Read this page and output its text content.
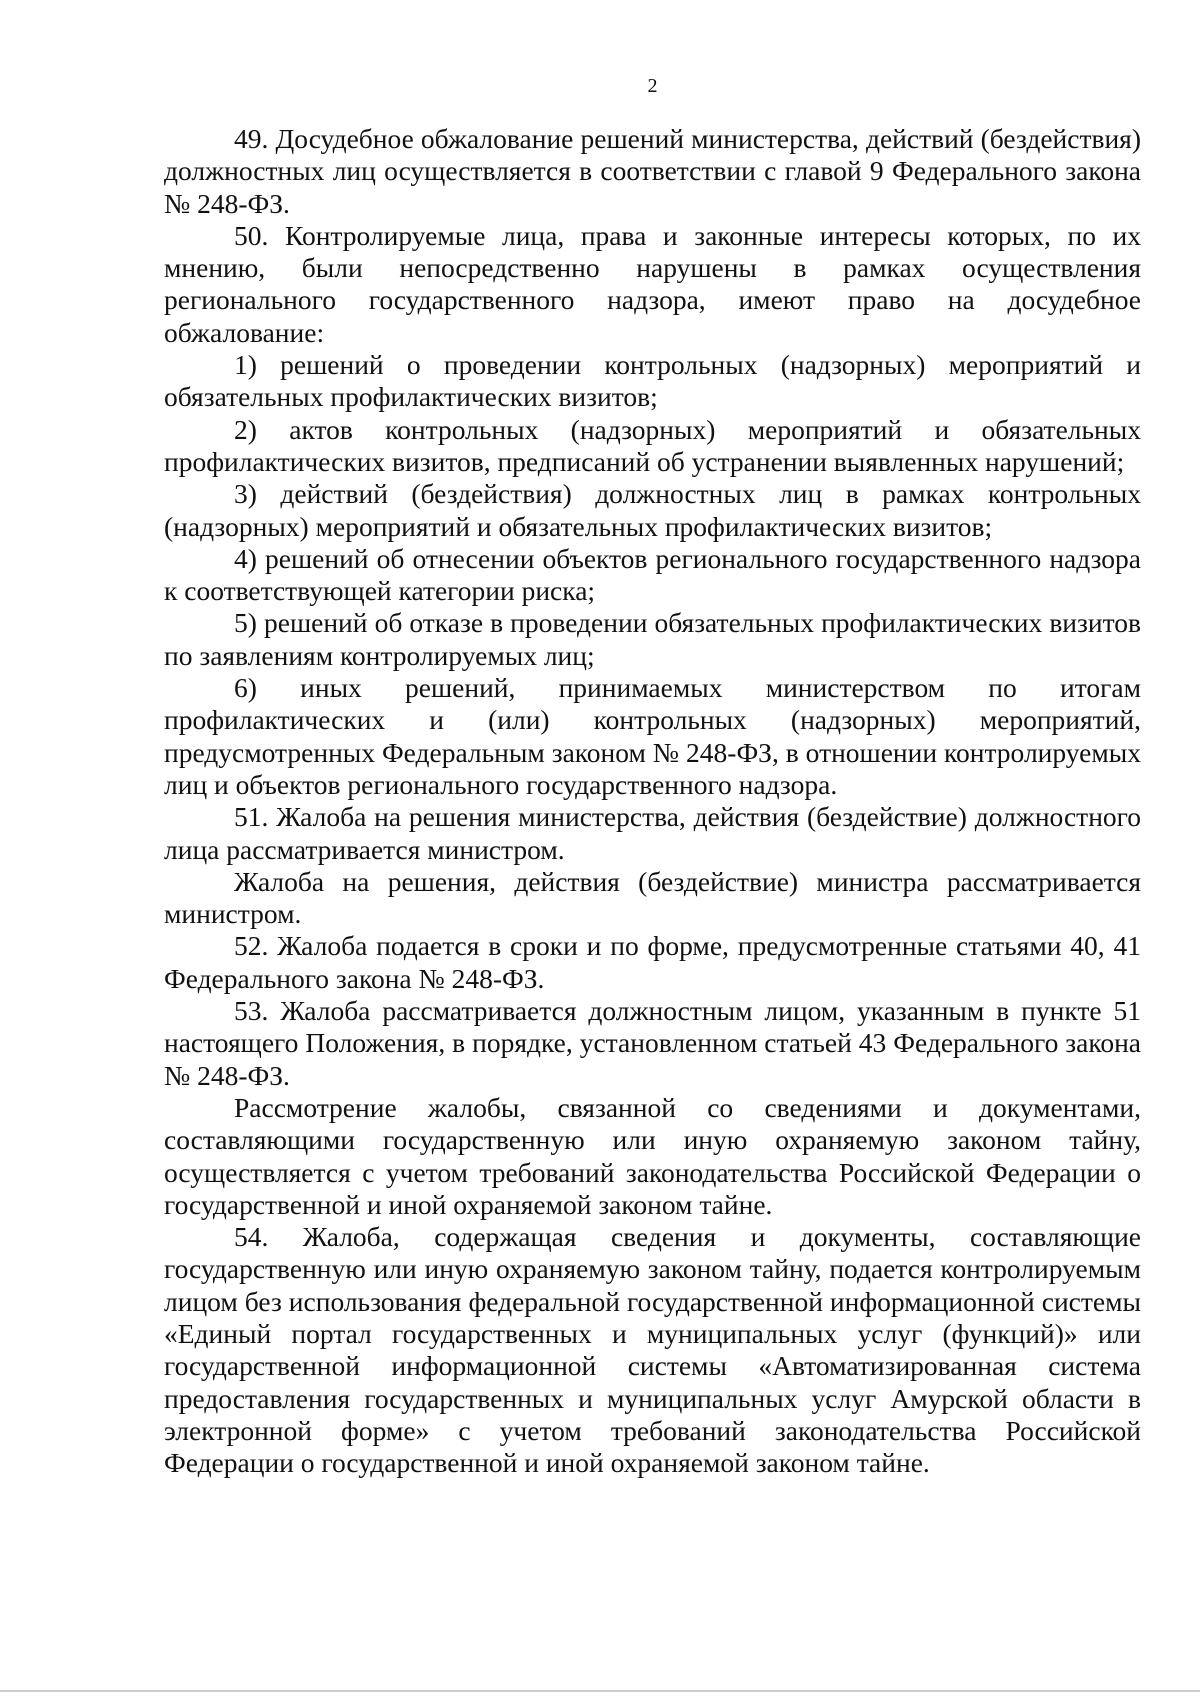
2

49. Досудебное обжалование решений министерства, действий (бездействия) должностных лиц осуществляется в соответствии с главой 9 Федерального закона № 248-ФЗ.

50. Контролируемые лица, права и законные интересы которых, по их мнению, были непосредственно нарушены в рамках осуществления регионального государственного надзора, имеют право на досудебное обжалование:

1) решений о проведении контрольных (надзорных) мероприятий и обязательных профилактических визитов;

2) актов контрольных (надзорных) мероприятий и обязательных профилактических визитов, предписаний об устранении выявленных нарушений;

3) действий (бездействия) должностных лиц в рамках контрольных (надзорных) мероприятий и обязательных профилактических визитов;

4) решений об отнесении объектов регионального государственного надзора к соответствующей категории риска;

5) решений об отказе в проведении обязательных профилактических визитов по заявлениям контролируемых лиц;

6) иных решений, принимаемых министерством по итогам профилактических и (или) контрольных (надзорных) мероприятий, предусмотренных Федеральным законом № 248-ФЗ, в отношении контролируемых лиц и объектов регионального государственного надзора.

51. Жалоба на решения министерства, действия (бездействие) должностного лица рассматривается министром.

Жалоба на решения, действия (бездействие) министра рассматривается министром.

52. Жалоба подается в сроки и по форме, предусмотренные статьями 40, 41 Федерального закона № 248-ФЗ.

53. Жалоба рассматривается должностным лицом, указанным в пункте 51 настоящего Положения, в порядке, установленном статьей 43 Федерального закона № 248-ФЗ.

Рассмотрение жалобы, связанной со сведениями и документами, составляющими государственную или иную охраняемую законом тайну, осуществляется с учетом требований законодательства Российской Федерации о государственной и иной охраняемой законом тайне.

54. Жалоба, содержащая сведения и документы, составляющие государственную или иную охраняемую законом тайну, подается контролируемым лицом без использования федеральной государственной информационной системы «Единый портал государственных и муниципальных услуг (функций)» или государственной информационной системы «Автоматизированная система предоставления государственных и муниципальных услуг Амурской области в электронной форме» с учетом требований законодательства Российской Федерации о государственной и иной охраняемой законом тайне.
